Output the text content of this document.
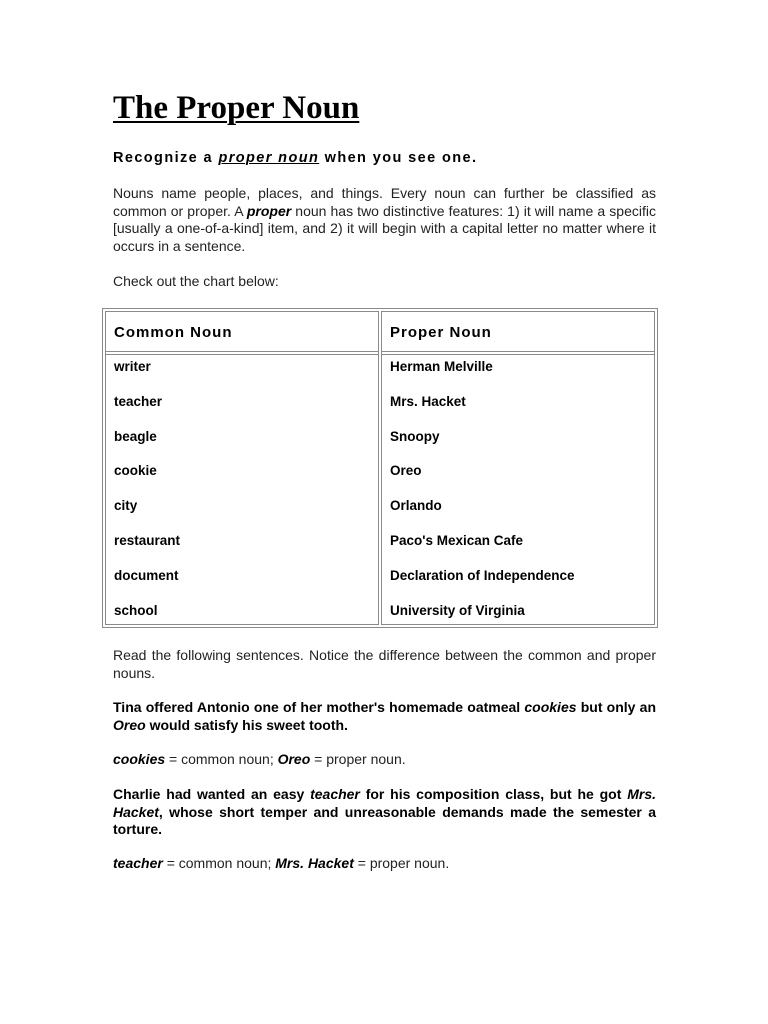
The Proper Noun
Recognize a proper noun when you see one.

Nouns name people, places, and things. Every noun can further be classified as common or proper. A proper noun has two distinctive features: 1) it will name a specific [usually a one-of-a-kind] item, and 2) it will begin with a capital letter no matter where it occurs in a sentence.

Check out the chart below:

Read the following sentences. Notice the difference between the common and proper nouns.

Tina offered Antonio one of her mother's homemade oatmeal cookies but only an Oreo would satisfy his sweet tooth.

cookies = common noun; Oreo = proper noun.

Charlie had wanted an easy teacher for his composition class, but he got Mrs. Hacket, whose short temper and unreasonable demands made the semester a torture.

teacher = common noun; Mrs. Hacket = proper noun.

Common Noun	Proper Noun
writer
teacher
beagle
cookie
city
restaurant
document
school
Herman Melville
Mrs. Hacket
Snoopy
Oreo
Orlando
Paco's Mexican Cafe
Declaration of Independence
University of Virginia
